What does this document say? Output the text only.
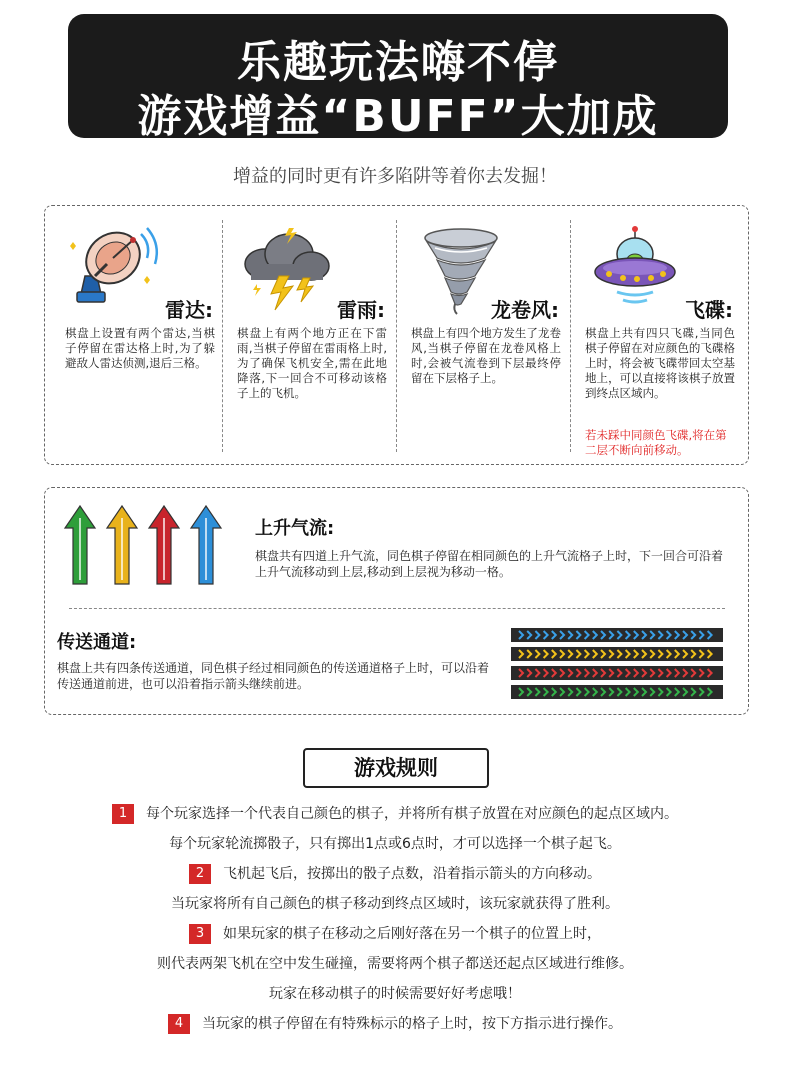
乐趣玩法嗨不停
游戏增益“BUFF”大加成
增益的同时更有许多陷阱等着你去发掘！
雷达:
棋盘上设置有两个雷达,当棋子停留在雷达格上时,为了躲避敌人雷达侦测,退后三格。
雷雨:
棋盘上有两个地方正在下雷雨,当棋子停留在雷雨格上时,为了确保飞机安全,需在此地降落,下一回合不可移动该格子上的飞机。
龙卷风:
棋盘上有四个地方发生了龙卷风,当棋子停留在龙卷风格上时,会被气流卷到下层最终停留在下层格子上。
飞碟:
棋盘上共有四只飞碟,当同色棋子停留在对应颜色的飞碟格上时，将会被飞碟带回太空基地上，可以直接将该棋子放置到终点区域内。
若未踩中同颜色飞碟,将在第二层不断向前移动。
上升气流:
棋盘共有四道上升气流，同色棋子停留在相同颜色的上升气流格子上时，下一回合可沿着上升气流移动到上层,移动到上层视为移动一格。
传送通道:
棋盘上共有四条传送通道，同色棋子经过相同颜色的传送通道格子上时，可以沿着传送通道前进，也可以沿着指示箭头继续前进。
游戏规则
1 每个玩家选择一个代表自己颜色的棋子，并将所有棋子放置在对应颜色的起点区域内。
每个玩家轮流掷骰子，只有掷出1点或6点时，才可以选择一个棋子起飞。
2 飞机起飞后，按掷出的骰子点数，沿着指示箭头的方向移动。
当玩家将所有自己颜色的棋子移动到终点区域时，该玩家就获得了胜利。
3 如果玩家的棋子在移动之后刚好落在另一个棋子的位置上时，
则代表两架飞机在空中发生碰撞，需要将两个棋子都送还起点区域进行维修。
玩家在移动棋子的时候需要好好考虑哦！
4 当玩家的棋子停留在有特殊标示的格子上时，按下方指示进行操作。
